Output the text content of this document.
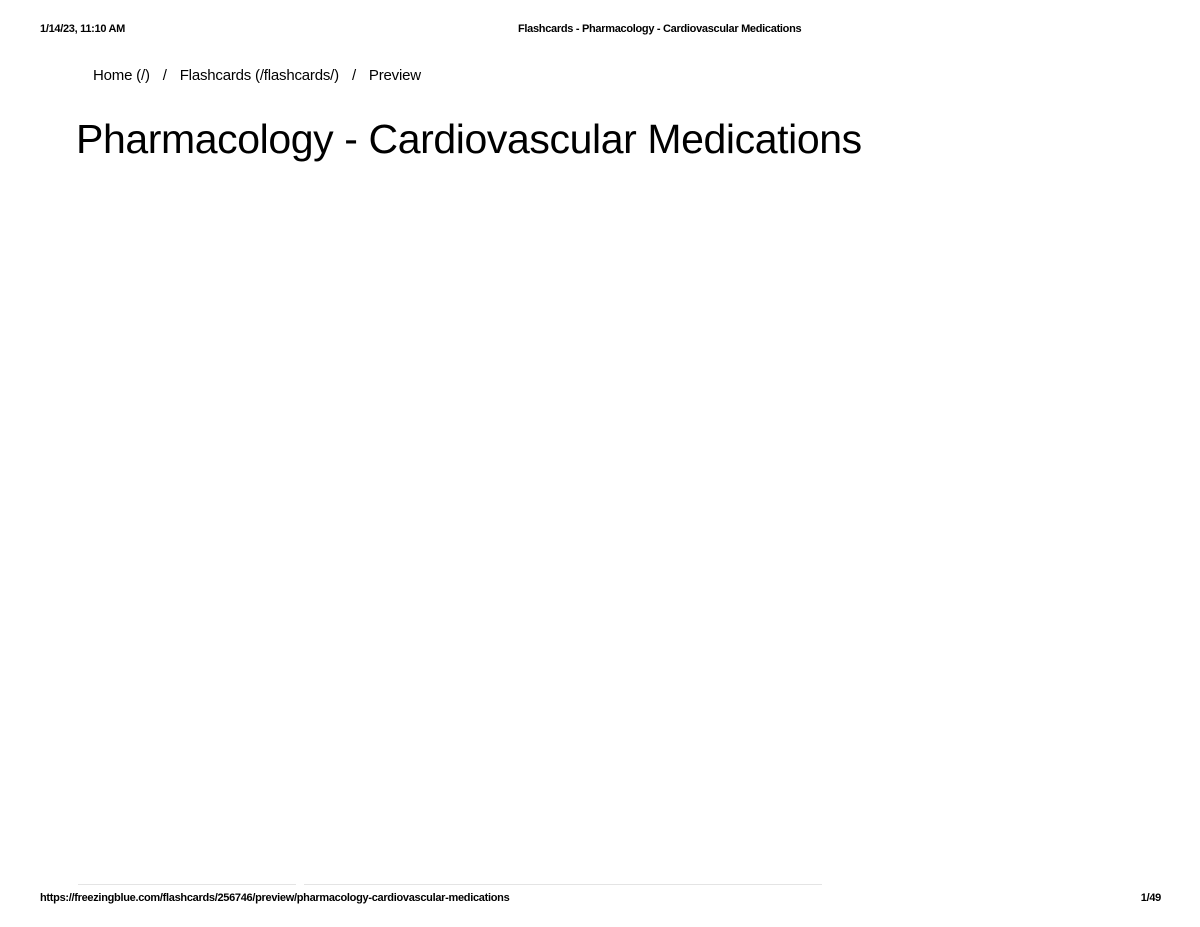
1/14/23, 11:10 AM	Flashcards - Pharmacology - Cardiovascular Medications
Home (/) / Flashcards (/flashcards/) / Preview
Pharmacology - Cardiovascular Medications
https://freezingblue.com/flashcards/256746/preview/pharmacology-cardiovascular-medications	1/49
